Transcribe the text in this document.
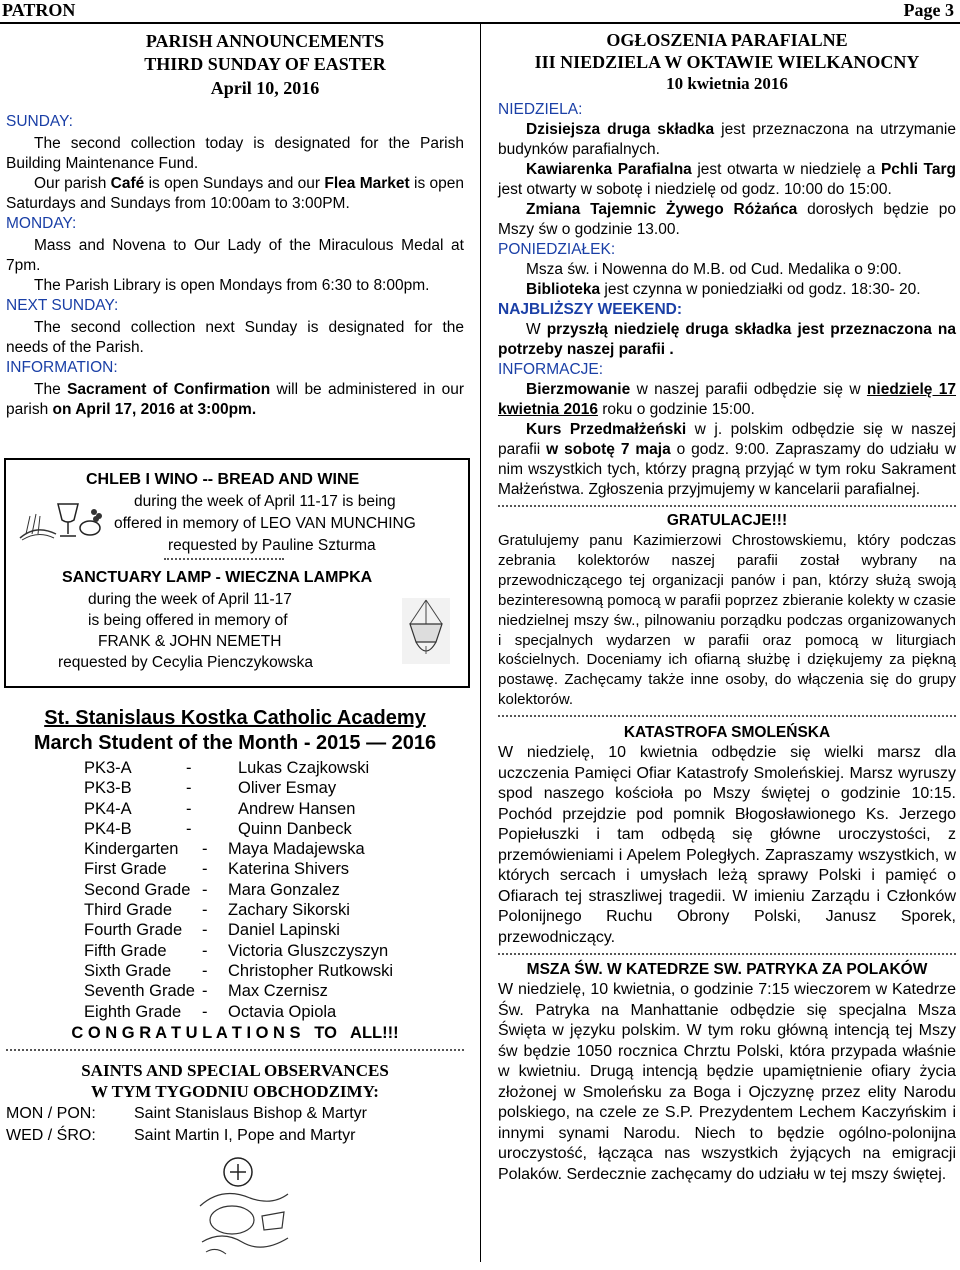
PATRON	Page 3
PARISH ANNOUNCEMENTS
THIRD SUNDAY OF EASTER
April 10, 2016
SUNDAY:

The second collection today is designated for the Parish Building Maintenance Fund.

Our parish Café is open Sundays and our Flea Market is open Saturdays and Sundays from 10:00am to 3:00PM.

MONDAY:

Mass and Novena to Our Lady of the Miraculous Medal at 7pm.

The Parish Library is open Mondays from 6:30 to 8:00pm.

NEXT SUNDAY:

The second collection next Sunday is designated for the needs of the Parish.

INFORMATION:

The Sacrament of Confirmation will be administered in our parish on April 17, 2016 at 3:00pm.

CHLEB I WINO -- BREAD AND WINE
during the week of April 11-17 is being
offered in memory of LEO VAN MUNCHING
requested by Pauline Szturma
SANCTUARY LAMP - WIECZNA LAMPKA
during the week of April 11-17
is being offered in memory of
FRANK & JOHN NEMETH
requested by Cecylia Pienczykowska
St. Stanislaus Kostka Catholic Academy
March Student of the Month - 2015 — 2016
PK3-A	-	Lukas Czajkowski
PK3-B	-	Oliver Esmay
PK4-A	-	Andrew Hansen
PK4-B	-	Quinn Danbeck
Kindergarten - Maya Madajewska
First Grade - Katerina Shivers
Second Grade - Mara Gonzalez
Third Grade - Zachary Sikorski
Fourth Grade - Daniel Lapinski
Fifth Grade - Victoria Gluszczyszyn
Sixth Grade - Christopher Rutkowski
Seventh Grade - Max Czernisz
Eighth Grade - Octavia Opiola
C O N G R A T U L A T I O N S   TO   ALL!!!
SAINTS AND SPECIAL OBSERVANCES
W TYM TYGODNIU OBCHODZIMY:
MON / PON: Saint Stanislaus Bishop & Martyr
WED / ŚRO: Saint Martin I, Pope and Martyr
OGŁOSZENIA PARAFIALNE
III NIEDZIELA W OKTAWIE WIELKANOCNY
10 kwietnia 2016
NIEDZIELA:

Dzisiejsza druga składka jest przeznaczona na utrzymanie budynków parafialnych.

Kawiarenka Parafialna jest otwarta w niedzielę a Pchli Targ jest otwarty w sobotę i niedzielę od godz. 10:00 do 15:00.

Zmiana Tajemnic Żywego Różańca dorosłych będzie po Mszy św o godzinie 13.00.

PONIEDZIAŁEK:

Msza św. i Nowenna do M.B. od Cud. Medalika o 9:00.

Biblioteka jest czynna w poniedziałki od godz. 18:30- 20.

NAJBLIŻSZY WEEKEND:

W przyszłą niedzielę druga składka jest przeznaczona na potrzeby naszej parafii .

INFORMACJE:

Bierzmowanie w naszej parafii odbędzie się w niedzielę 17 kwietnia 2016 roku o godzinie 15:00.

Kurs Przedmałżeński w j. polskim odbędzie się w naszej parafii w sobotę 7 maja o godz. 9:00. Zapraszamy do udziału w nim wszystkich tych, którzy pragną przyjąć w tym roku Sakrament Małżeństwa. Zgłoszenia przyjmujemy w kancelarii parafialnej.

GRATULACJE!!!

Gratulujemy panu Kazimierzowi Chrostowskiemu, który podczas zebrania kolektorów naszej parafii został wybrany na przewodniczącego tej organizacji panów i pan, którzy służą swoją bezinteresowną pomocą w parafii poprzez zbieranie kolekty w czasie niedzielnej mszy św., pilnowaniu porządku podczas organizowanych i specjalnych wydarzen w parafii oraz pomocą w liturgiach kościelnych. Doceniamy ich ofiarną służbę i dziękujemy za piękną postawę. Zachęcamy także inne osoby, do włączenia się do grupy kolektorów.

KATASTROFA SMOLEŃSKA

W niedzielę, 10 kwietnia odbędzie się wielki marsz dla uczczenia Pamięci Ofiar Katastrofy Smoleńskiej. Marsz wyruszy spod naszego kościoła po Mszy świętej o godzinie 10:15. Pochód przejdzie pod pomnik Błogosławionego Ks. Jerzego Popiełuszki i tam odbędą się główne uroczystości, z przemówieniami i Apelem Poległych. Zapraszamy wszystkich, w których sercach i umysłach leżą sprawy Polski i pamięć o Ofiarach tej straszliwej tragedii. W imieniu Zarządu i Członków Polonijnego Ruchu Obrony Polski, Janusz Sporek, przewodniczący.

MSZA ŚW. W KATEDRZE SW. PATRYKA ZA POLAKÓW

W niedzielę, 10 kwietnia, o godzinie 7:15 wieczorem w Katedrze Św. Patryka na Manhattanie odbędzie się specjalna Msza Święta w języku polskim. W tym roku główną intencją tej Mszy św będzie 1050 rocznica Chrztu Polski, która przypada właśnie w kwietniu. Drugą intencją będzie upamiętnienie ofiary życia złożonej w Smoleńsku za Boga i Ojczyznę przez elity Narodu polskiego, na czele ze S.P. Prezydentem Lechem Kaczyńskim i innymi synami Narodu. Niech to będzie ogólno-polonijna uroczystość, łącząca nas wszystkich żyjących na emigracji Polaków. Serdecznie zachęcamy do udziału w tej mszy świętej.
